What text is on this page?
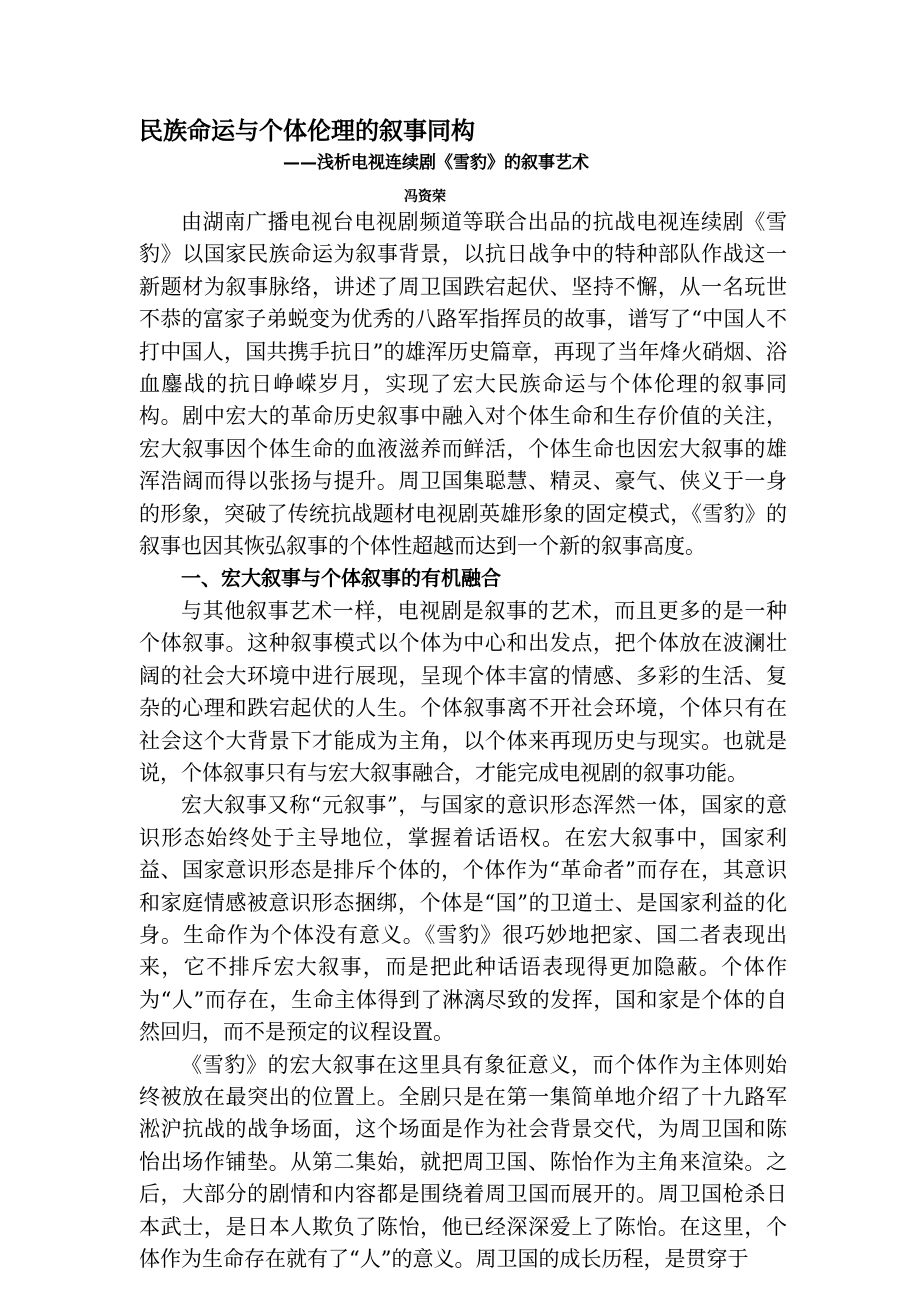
民族命运与个体伦理的叙事同构
——浅析电视连续剧《雪豹》的叙事艺术
冯资荣

由湖南广播电视台电视剧频道等联合出品的抗战电视连续剧《雪豹》以国家民族命运为叙事背景，以抗日战争中的特种部队作战这一新题材为叙事脉络，讲述了周卫国跌宕起伏、坚持不懈，从一名玩世不恭的富家子弟蜕变为优秀的八路军指挥员的故事，谱写了“中国人不打中国人，国共携手抗日”的雄浑历史篇章，再现了当年烽火硝烟、浴血鏖战的抗日峥嵘岁月，实现了宏大民族命运与个体伦理的叙事同构。剧中宏大的革命历史叙事中融入对个体生命和生存价值的关注，宏大叙事因个体生命的血液滋养而鲜活，个体生命也因宏大叙事的雄浑浩阔而得以张扬与提升。周卫国集聪慧、精灵、豪气、侠义于一身的形象，突破了传统抗战题材电视剧英雄形象的固定模式，《雪豹》的叙事也因其恢弘叙事的个体性超越而达到一个新的叙事高度。

一、宏大叙事与个体叙事的有机融合

与其他叙事艺术一样，电视剧是叙事的艺术，而且更多的是一种个体叙事。这种叙事模式以个体为中心和出发点，把个体放在波澜壮阔的社会大环境中进行展现，呈现个体丰富的情感、多彩的生活、复杂的心理和跌宕起伏的人生。个体叙事离不开社会环境，个体只有在社会这个大背景下才能成为主角，以个体来再现历史与现实。也就是说，个体叙事只有与宏大叙事融合，才能完成电视剧的叙事功能。

宏大叙事又称“元叙事”，与国家的意识形态浑然一体，国家的意识形态始终处于主导地位，掌握着话语权。在宏大叙事中，国家利益、国家意识形态是排斥个体的，个体作为“革命者”而存在，其意识和家庭情感被意识形态捆绑，个体是“国”的卫道士、是国家利益的化身。生命作为个体没有意义。《雪豹》很巧妙地把家、国二者表现出来，它不排斥宏大叙事，而是把此种话语表现得更加隐蔽。个体作为“人”而存在，生命主体得到了淋漓尽致的发挥，国和家是个体的自然回归，而不是预定的议程设置。

《雪豹》的宏大叙事在这里具有象征意义，而个体作为主体则始终被放在最突出的位置上。全剧只是在第一集简单地介绍了十九路军淞沪抗战的战争场面，这个场面是作为社会背景交代，为周卫国和陈怡出场作铺垫。从第二集始，就把周卫国、陈怡作为主角来渲染。之后，大部分的剧情和内容都是围绕着周卫国而展开的。周卫国枪杀日本武士，是日本人欺负了陈怡，他已经深深爱上了陈怡。在这里，个体作为生命存在就有了“人”的意义。周卫国的成长历程，是贯穿于
